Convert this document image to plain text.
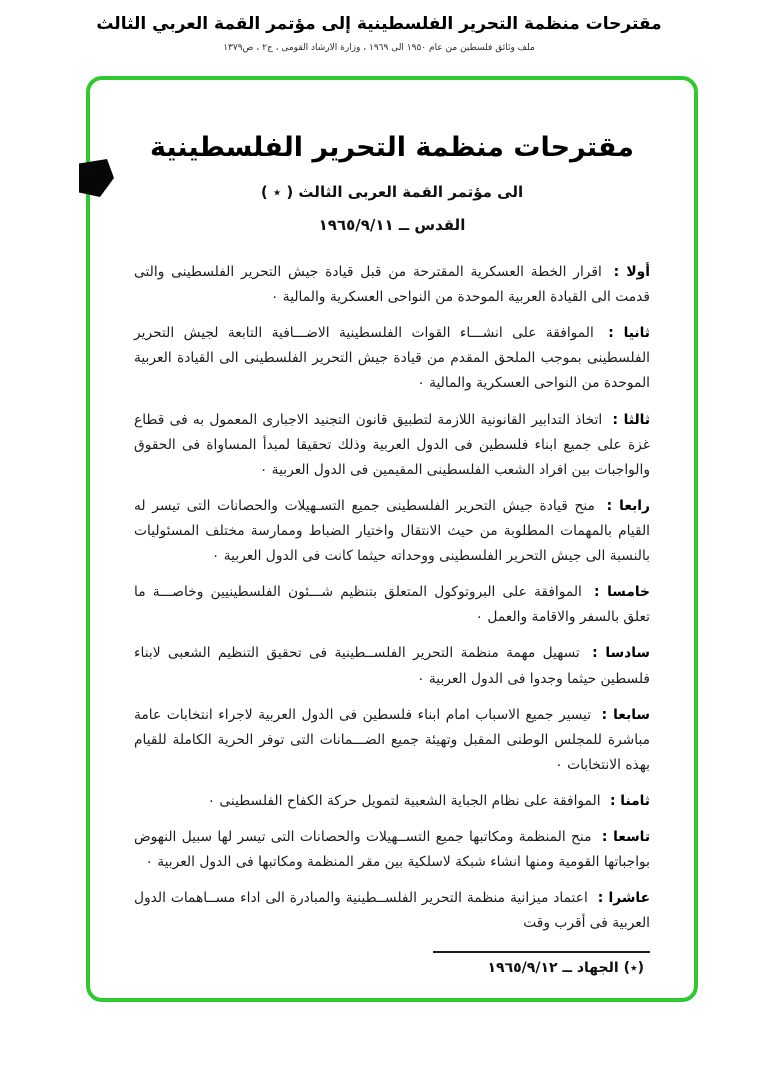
مقترحات منظمة التحرير الفلسطينية إلى مؤتمر القمة العربي الثالث
ملف وثائق فلسطين من عام ١٩٥٠ الى ١٩٦٩ ، وزارة الارشاد القومى ، ج٢ ، ص١٣٧٩
مقترحات منظمة التحرير الفلسطينية
الى مؤتمر القمة العربى الثالث ( ٭ )
القدس ــ ١٩٦٥/٩/١١

أولا : اقرار الخطة العسكرية المقترحة من قبل قيادة جيش التحرير الفلسطينى والتى قدمت الى القيادة العربية الموحدة من النواحى العسكرية والمالية ٠

ثانيا : الموافقة على انشـــاء القوات الفلسطينية الاضـــافية التابعة لجيش التحرير الفلسطينى بموجب الملحق المقدم من قيادة جيش التحرير الفلسطينى الى القيادة العربية الموحدة من النواحى العسكرية والمالية ٠

ثالثا : اتخاذ التدابير القانونية اللازمة لتطبيق قانون التجنيد الاجبارى المعمول به فى قطاع غزة على جميع ابناء فلسطين فى الدول العربية وذلك تحقيقا لمبدأ المساواة فى الحقوق والواجبات بين افراد الشعب الفلسطينى المقيمين فى الدول العربية ٠

رابعا : منح قيادة جيش التحرير الفلسطينى جميع التسـهيلات والحصانات التى تيسر له القيام بالمهمات المطلوبة من حيث الانتقال واختيار الضباط وممارسة مختلف المسئوليات بالنسبة الى جيش التحرير الفلسطينى ووحداته حيثما كانت فى الدول العربية ٠

خامسا : الموافقة على البروتوكول المتعلق بتنظيم شـــئون الفلسطينيين وخاصـــة ما تعلق بالسفر والاقامة والعمل ٠

سادسا : تسهيل مهمة منظمة التحرير الفلســطينية فى تحقيق التنظيم الشعبى لابناء فلسطين حيثما وجدوا فى الدول العربية ٠

سابعا : تيسير جميع الاسباب امام ابناء فلسطين فى الدول العربية لاجراء انتخابات عامة مباشرة للمجلس الوطنى المقبل وتهيئة جميع الضـــمانات التى توفر الحرية الكاملة للقيام بهذه الانتخابات ٠

ثامنا : الموافقة على نظام الجباية الشعبية لتمويل حركة الكفاح الفلسطينى ٠

تاسعا : منح المنظمة ومكاتبها جميع التســهيلات والحصانات التى تيسر لها سبيل النهوض بواجباتها القومية ومنها انشاء شبكة لاسلكية بين مقر المنظمة ومكاتبها فى الدول العربية ٠

عاشرا : اعتماد ميزانية منظمة التحرير الفلســطينية والمبادرة الى اداء مســاهمات الدول العربية فى أقرب وقت

(٭) الجهاد ــ ١٩٦٥/٩/١٢
